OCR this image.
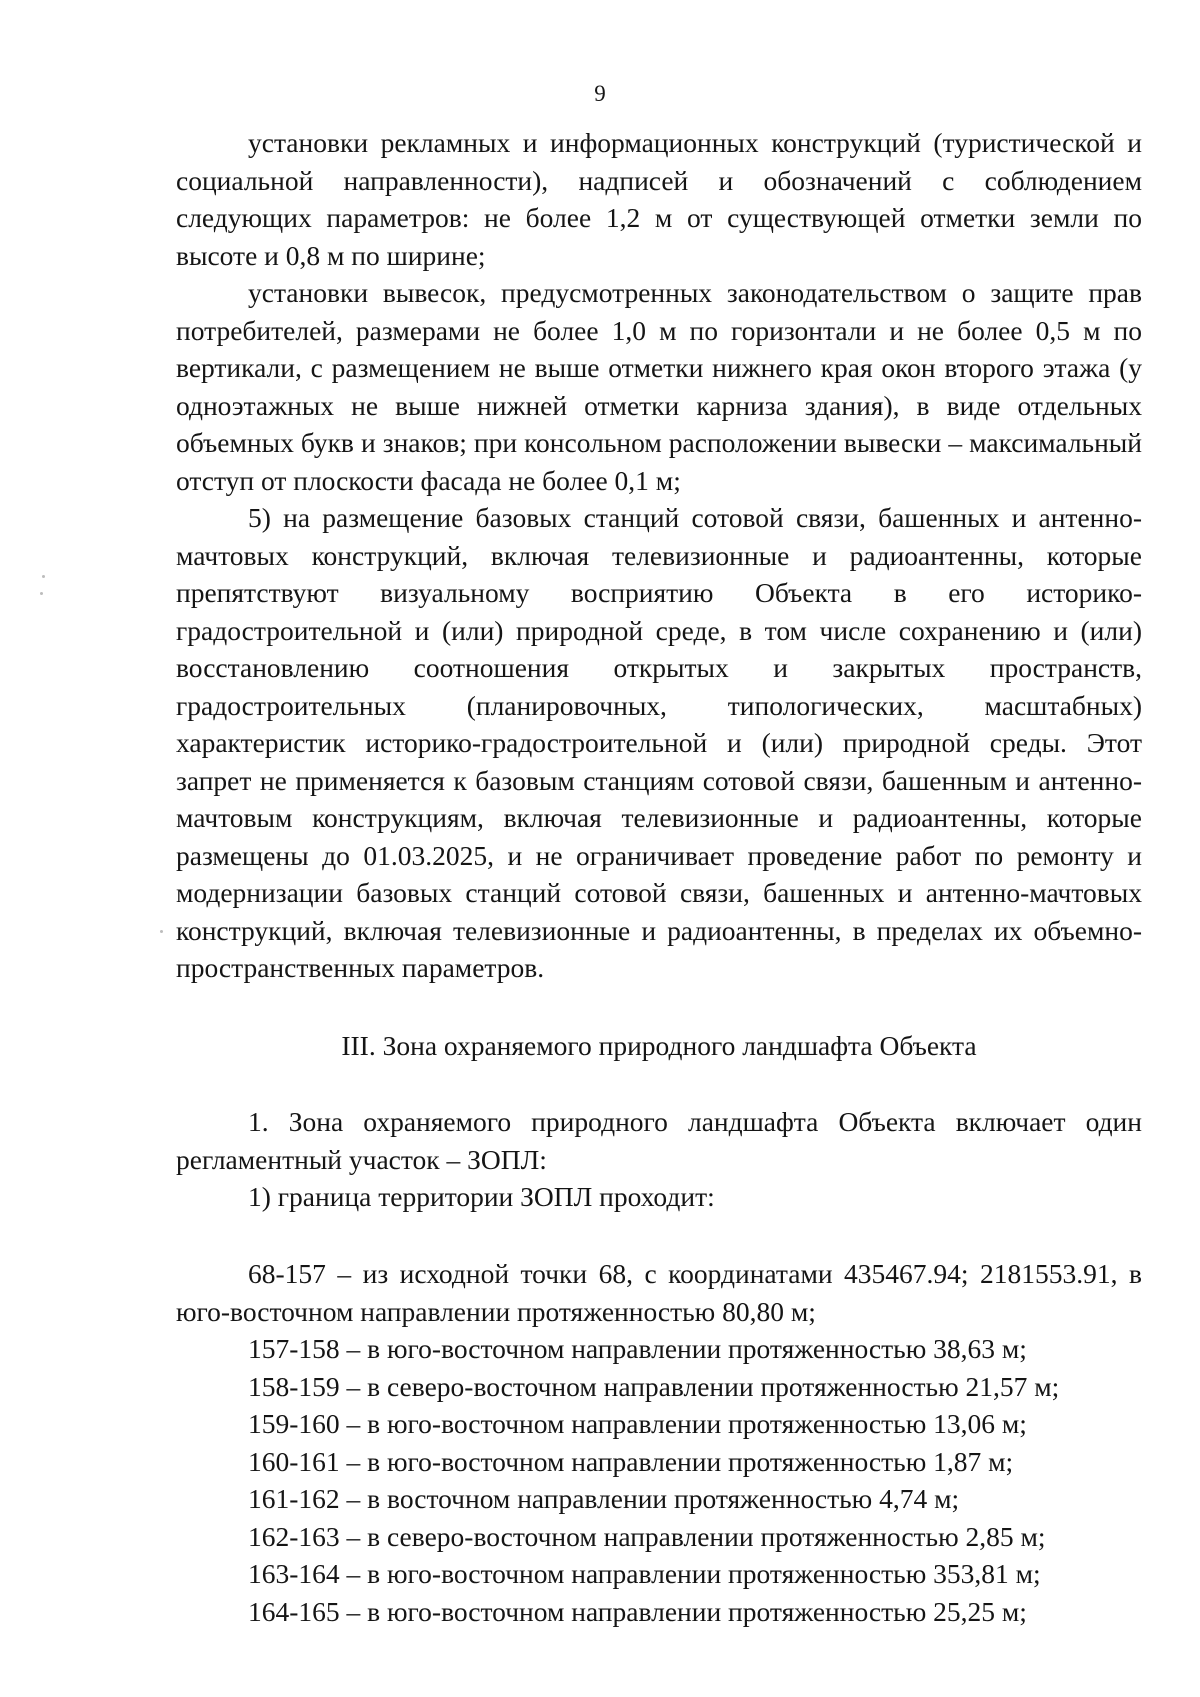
9

установки рекламных и информационных конструкций (туристической и социальной направленности), надписей и обозначений с соблюдением следующих параметров: не более 1,2 м от существующей отметки земли по высоте и 0,8 м по ширине;

установки вывесок, предусмотренных законодательством о защите прав потребителей, размерами не более 1,0 м по горизонтали и не более 0,5 м по вертикали, с размещением не выше отметки нижнего края окон второго этажа (у одноэтажных не выше нижней отметки карниза здания), в виде отдельных объемных букв и знаков; при консольном расположении вывески – максимальный отступ от плоскости фасада не более 0,1 м;

5) на размещение базовых станций сотовой связи, башенных и антенно-мачтовых конструкций, включая телевизионные и радиоантенны, которые препятствуют визуальному восприятию Объекта в его историко-градостроительной и (или) природной среде, в том числе сохранению и (или) восстановлению соотношения открытых и закрытых пространств, градостроительных (планировочных, типологических, масштабных) характеристик историко-градостроительной и (или) природной среды. Этот запрет не применяется к базовым станциям сотовой связи, башенным и антенно-мачтовым конструкциям, включая телевизионные и радиоантенны, которые размещены до 01.03.2025, и не ограничивает проведение работ по ремонту и модернизации базовых станций сотовой связи, башенных и антенно-мачтовых конструкций, включая телевизионные и радиоантенны, в пределах их объемно-пространственных параметров.

III. Зона охраняемого природного ландшафта Объекта

1. Зона охраняемого природного ландшафта Объекта включает один регламентный участок – ЗОПЛ:

1) граница территории ЗОПЛ проходит:

68-157 – из исходной точки 68, с координатами 435467.94; 2181553.91, в юго-восточном направлении протяженностью 80,80 м;
157-158 – в юго-восточном направлении протяженностью 38,63 м;
158-159 – в северо-восточном направлении протяженностью 21,57 м;
159-160 – в юго-восточном направлении протяженностью 13,06 м;
160-161 – в юго-восточном направлении протяженностью 1,87 м;
161-162 – в восточном направлении протяженностью 4,74 м;
162-163 – в северо-восточном направлении протяженностью 2,85 м;
163-164 – в юго-восточном направлении протяженностью 353,81 м;
164-165 – в юго-восточном направлении протяженностью 25,25 м;
